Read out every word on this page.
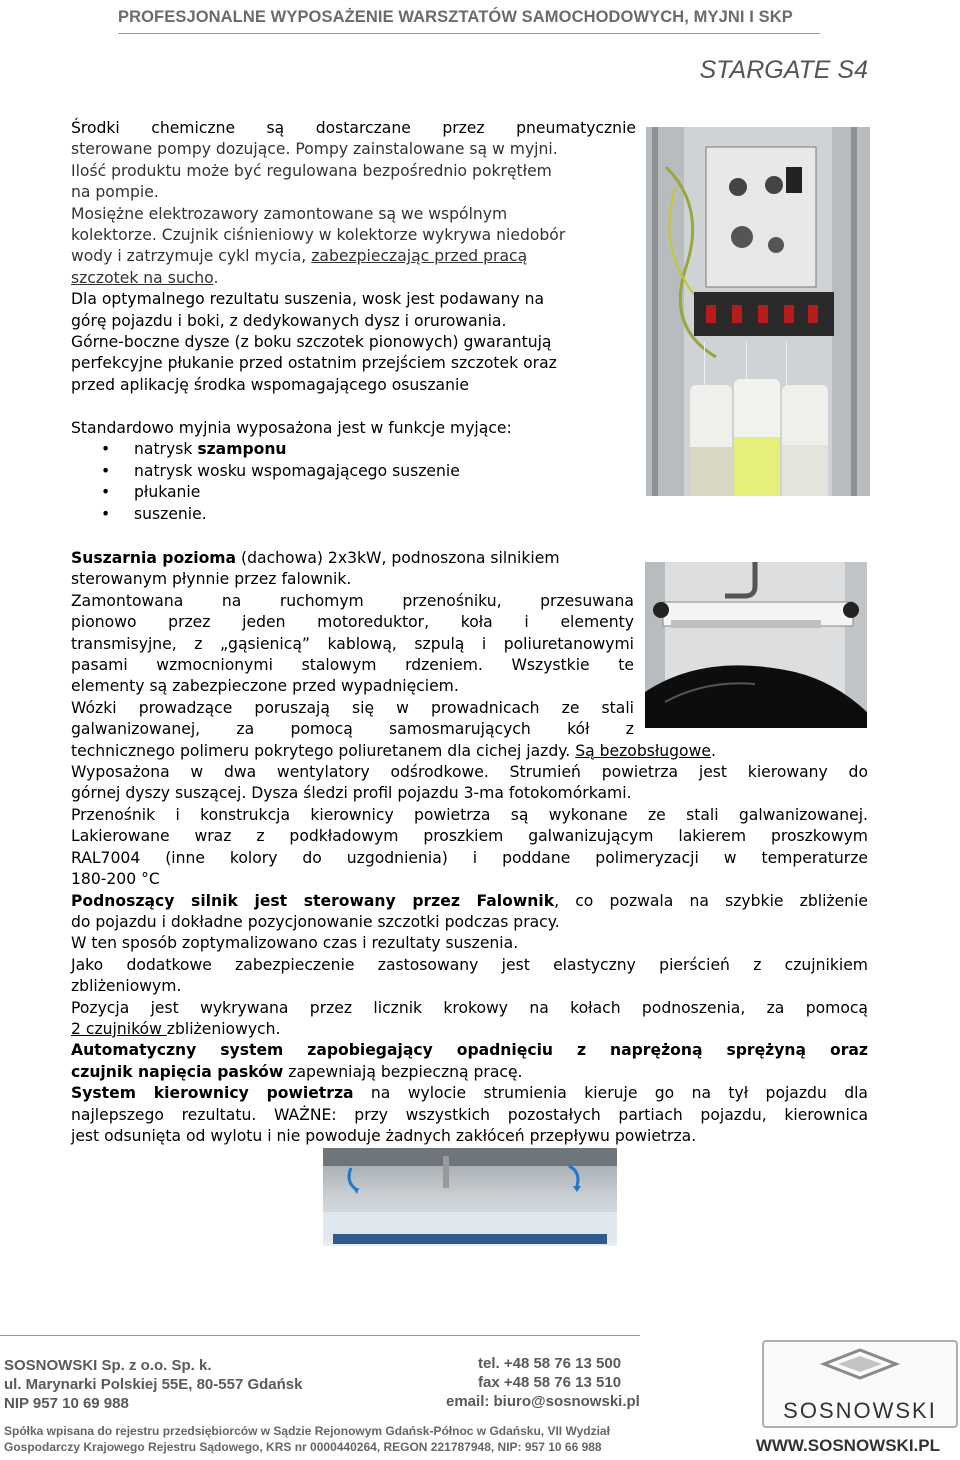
PROFESJONALNE WYPOSAŻENIE WARSZTATÓW SAMOCHODOWYCH, MYJNI I SKP
STARGATE S4
Środki chemiczne są dostarczane przez pneumatycznie
sterowane pompy dozujące. Pompy zainstalowane są w myjni.
Ilość produktu może być regulowana bezpośrednio pokrętłem
na pompie.
Mosiężne elektrozawory zamontowane są we wspólnym
kolektorze. Czujnik ciśnieniowy w kolektorze wykrywa niedobór
wody i zatrzymuje cykl mycia, zabezpieczając przed pracą
szczotek na sucho.
Dla optymalnego rezultatu suszenia, wosk jest podawany na
górę pojazdu i boki, z dedykowanych dysz i orurowania.
Górne-boczne dysze (z boku szczotek pionowych) gwarantują
perfekcyjne płukanie przed ostatnim przejściem szczotek oraz
przed aplikację środka wspomagającego osuszanie
Standardowo myjnia wyposażona jest w funkcje myjące:
• natrysk szamponu
• natrysk wosku wspomagającego suszenie
• płukanie
• suszenie.
Suszarnia pozioma (dachowa) 2x3kW, podnoszona silnikiem
sterowanym płynnie przez falownik.
Zamontowana na ruchomym przenośniku, przesuwana
pionowo przez jeden motoreduktor, koła i elementy
transmisyjne, z „gąsienicą” kablową, szpulą i poliuretanowymi
pasami wzmocnionymi stalowym rdzeniem. Wszystkie te
elementy są zabezpieczone przed wypadnięciem.
Wózki prowadzące poruszają się w prowadnicach ze stali
galwanizowanej, za pomocą samosmarujących kół z
technicznego polimeru pokrytego poliuretanem dla cichej jazdy. Są bezobsługowe.
Wyposażona w dwa wentylatory odśrodkowe. Strumień powietrza jest kierowany do
górnej dyszy suszącej. Dysza śledzi profil pojazdu 3-ma fotokomórkami.
Przenośnik i konstrukcja kierownicy powietrza są wykonane ze stali galwanizowanej.
Lakierowane wraz z podkładowym proszkiem galwanizującym lakierem proszkowym
RAL7004 (inne kolory do uzgodnienia) i poddane polimeryzacji w temperaturze
180-200 °C
Podnoszący silnik jest sterowany przez Falownik, co pozwala na szybkie zbliżenie
do pojazdu i dokładne pozycjonowanie szczotki podczas pracy.
W ten sposób zoptymalizowano czas i rezultaty suszenia.
Jako dodatkowe zabezpieczenie zastosowany jest elastyczny pierścień z czujnikiem
zbliżeniowym.
Pozycja jest wykrywana przez licznik krokowy na kołach podnoszenia, za pomocą
2 czujników zbliżeniowych.
Automatyczny system zapobiegający opadnięciu z naprężoną sprężyną oraz
czujnik napięcia pasków zapewniają bezpieczną pracę.
System kierownicy powietrza na wylocie strumienia kieruje go na tył pojazdu dla
najlepszego rezultatu. WAŻNE: przy wszystkich pozostałych partiach pojazdu, kierownica
jest odsunięta od wylotu i nie powoduje żadnych zakłóceń przepływu powietrza.
SOSNOWSKI Sp. z o.o. Sp. k.
ul. Marynarki Polskiej 55E, 80-557 Gdańsk
NIP 957 10 69 988
tel. +48 58 76 13 500
fax +48 58 76 13 510
email: biuro@sosnowski.pl
Spółka wpisana do rejestru przedsiębiorców w Sądzie Rejonowym Gdańsk-Północ w Gdańsku, VII Wydział
Gospodarczy Krajowego Rejestru Sądowego, KRS nr 0000440264, REGON 221787948, NIP: 957 10 66 988
SOSNOWSKI
WWW.SOSNOWSKI.PL
